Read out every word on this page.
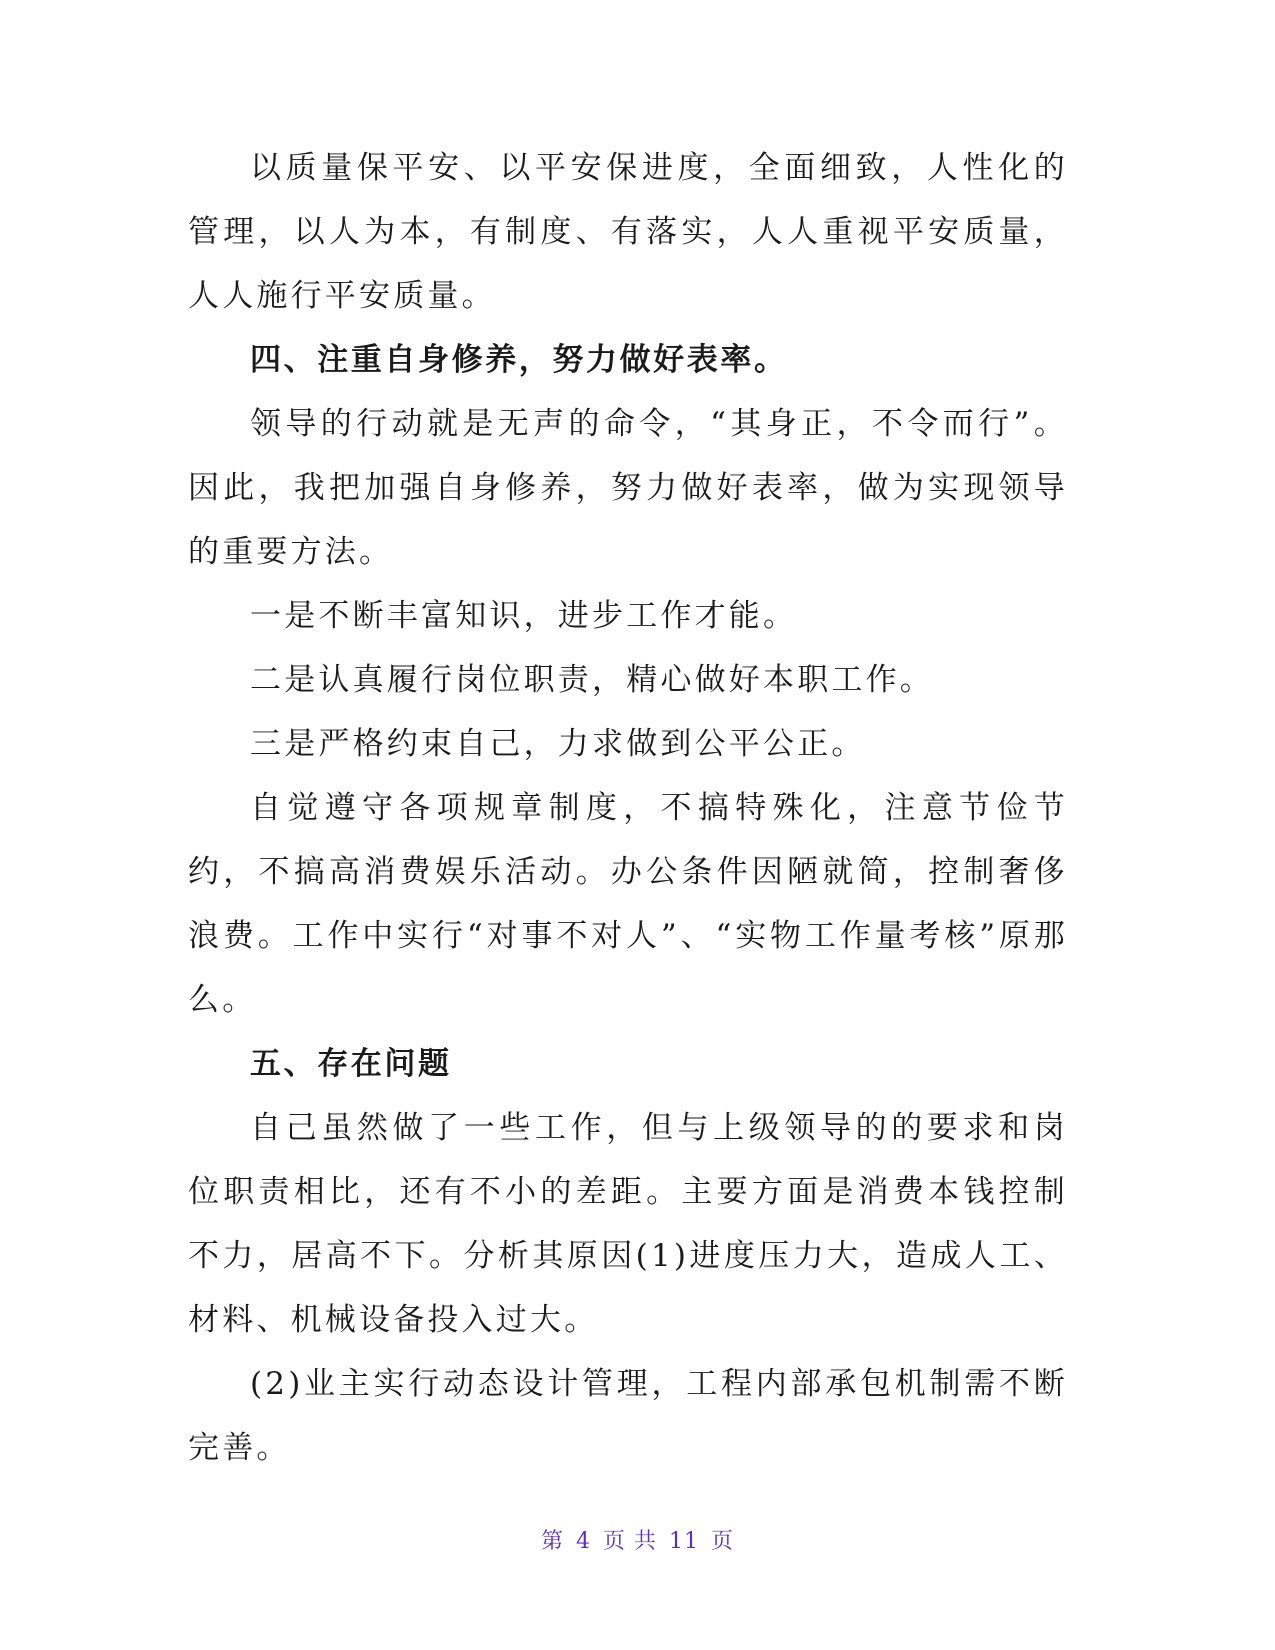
以质量保平安、以平安保进度，全面细致，人性化的管理，以人为本，有制度、有落实，人人重视平安质量，人人施行平安质量。

四、注重自身修养，努力做好表率。

领导的行动就是无声的命令，“其身正，不令而行”。因此，我把加强自身修养，努力做好表率，做为实现领导的重要方法。

一是不断丰富知识，进步工作才能。

二是认真履行岗位职责，精心做好本职工作。

三是严格约束自己，力求做到公平公正。

自觉遵守各项规章制度，不搞特殊化，注意节俭节约，不搞高消费娱乐活动。办公条件因陋就简，控制奢侈浪费。工作中实行“对事不对人”、“实物工作量考核”原那么。

五、存在问题

自己虽然做了一些工作，但与上级领导的的要求和岗位职责相比，还有不小的差距。主要方面是消费本钱控制不力，居高不下。分析其原因(1)进度压力大，造成人工、材料、机械设备投入过大。

(2)业主实行动态设计管理，工程内部承包机制需不断完善。

第 4 页 共 11 页
